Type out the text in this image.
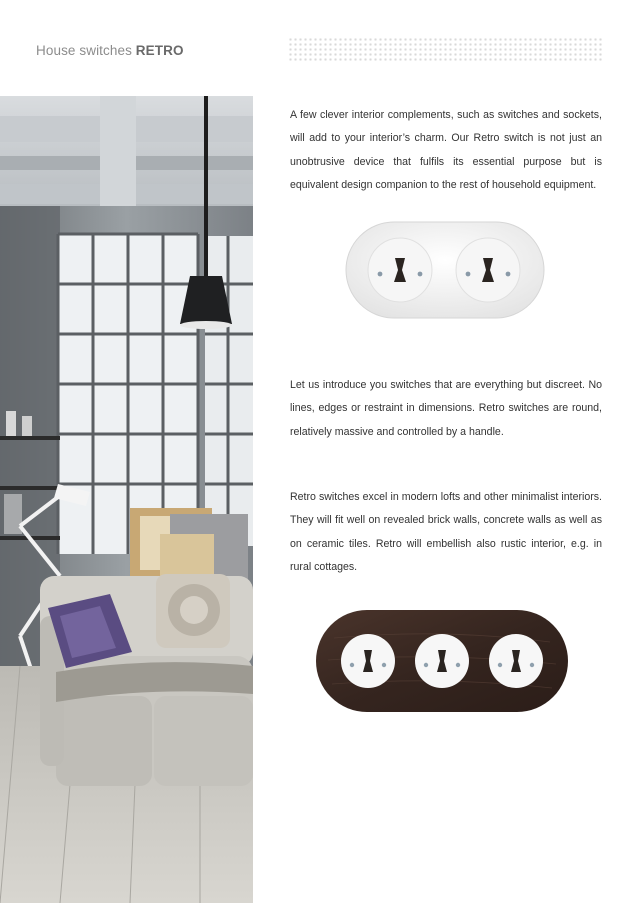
House switches RETRO

A few clever interior complements, such as switches and sockets, will add to your interior’s charm. Our Retro switch is not just an unobtrusive device that fulfils its essential purpose but is equivalent design companion to the rest of household equipment.

Let us introduce you switches that are everything but discreet. No lines, edges or restraint in dimensions. Retro switches are round, relatively massive and controlled by a handle.

Retro switches excel in modern lofts and other minimalist interiors. They will fit well on revealed brick walls, concrete walls as well as on ceramic tiles. Retro will embellish also rustic interior, e.g. in rural cottages.
